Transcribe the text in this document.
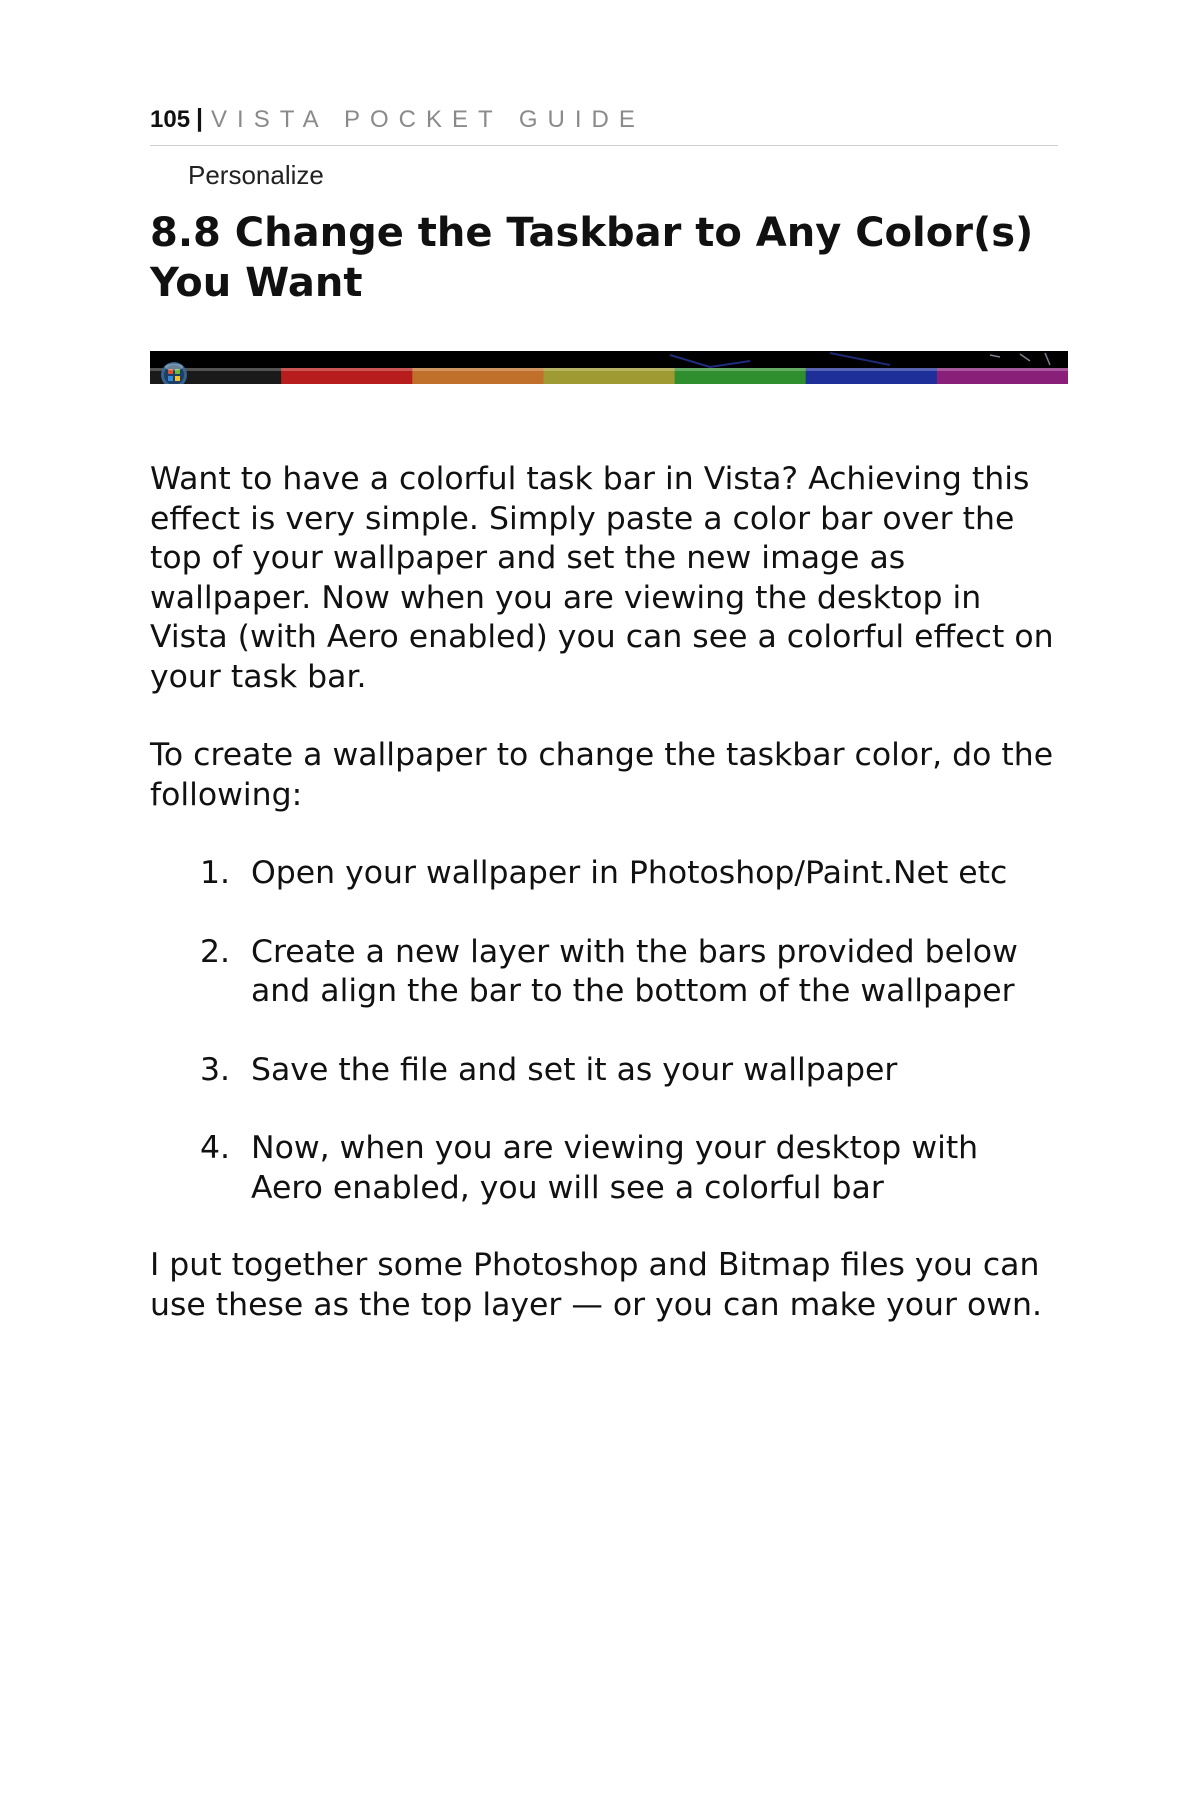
105 | VISTA POCKET GUIDE
Personalize
8.8 Change the Taskbar to Any Color(s) You Want

Want to have a colorful task bar in Vista? Achieving this effect is very simple. Simply paste a color bar over the top of your wallpaper and set the new image as wallpaper. Now when you are viewing the desktop in Vista (with Aero enabled) you can see a colorful effect on your task bar.

To create a wallpaper to change the taskbar color, do the following:

1. Open your wallpaper in Photoshop/Paint.Net etc
2. Create a new layer with the bars provided below and align the bar to the bottom of the wallpaper
3. Save the file and set it as your wallpaper
4. Now, when you are viewing your desktop with Aero enabled, you will see a colorful bar

I put together some Photoshop and Bitmap files you can use these as the top layer — or you can make your own.
